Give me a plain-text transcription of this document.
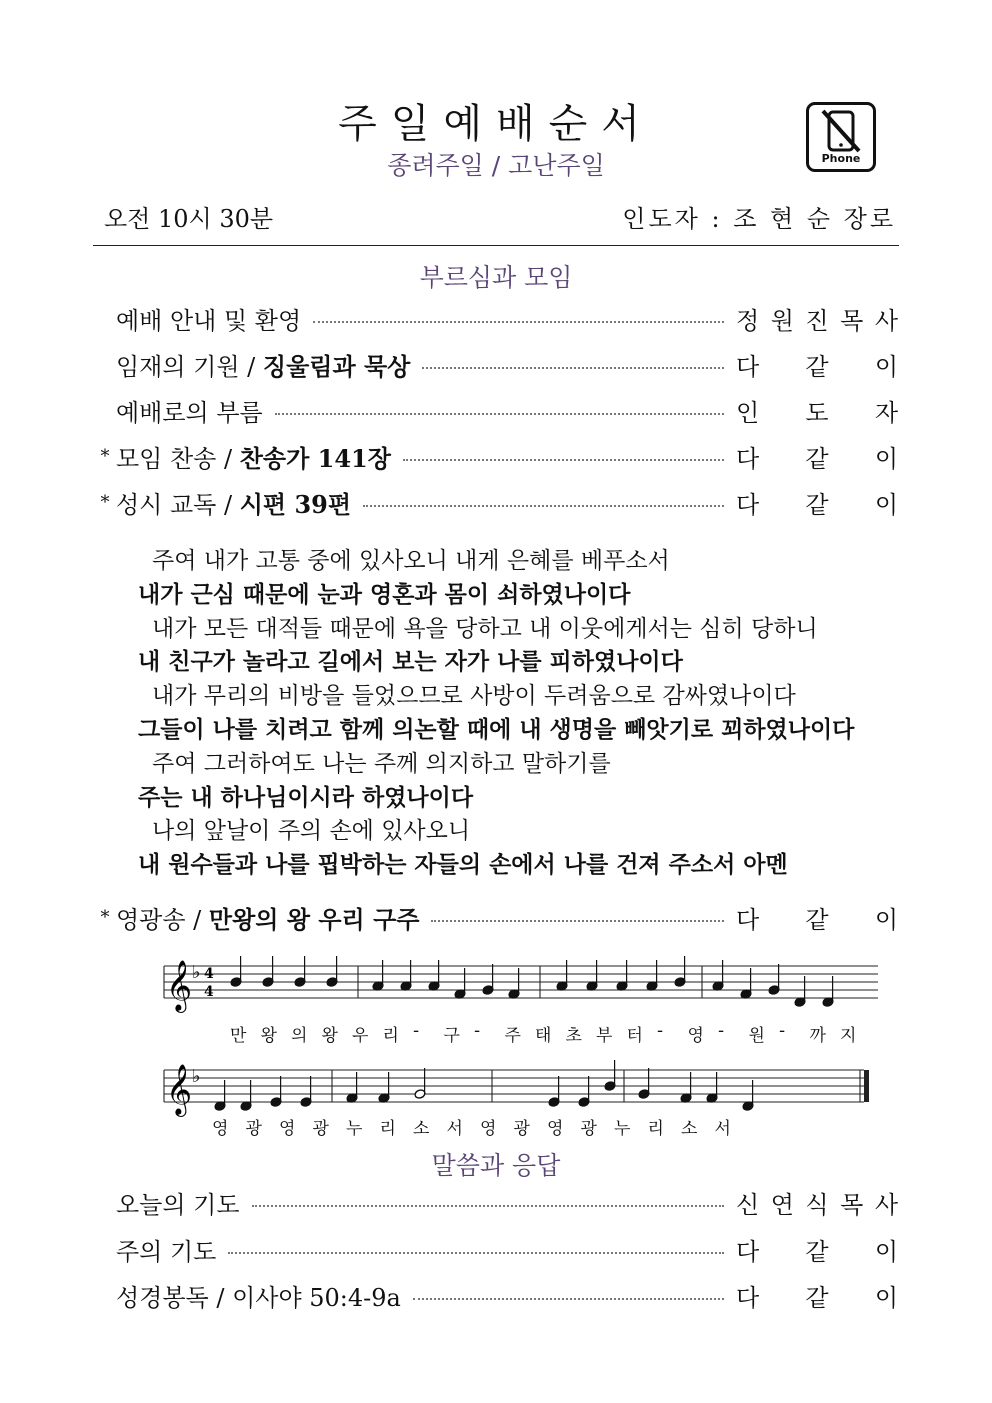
주일예배순서
종려주일 / 고난주일	Phone
오전 10시 30분	인도자 : 조 현 순 장로
부르심과 모임
예배 안내 및 환영	정 원 진 목 사
임재의 기원 / 징울림과 묵상	다 같 이
예배로의 부름	인 도 자
* 모임 찬송 / 찬송가 141장	다 같 이
* 성시 교독 / 시편 39편	다 같 이
주여 내가 고통 중에 있사오니 내게 은혜를 베푸소서
내가 근심 때문에 눈과 영혼과 몸이 쇠하였나이다
내가 모든 대적들 때문에 욕을 당하고 내 이웃에게서는 심히 당하니
내 친구가 놀라고 길에서 보는 자가 나를 피하였나이다
내가 무리의 비방을 들었으므로 사방이 두려움으로 감싸였나이다
그들이 나를 치려고 함께 의논할 때에 내 생명을 빼앗기로 꾀하였나이다
주여 그러하여도 나는 주께 의지하고 말하기를
주는 내 하나님이시라 하였나이다
나의 앞날이 주의 손에 있사오니
내 원수들과 나를 핍박하는 자들의 손에서 나를 건져 주소서 아멘
* 영광송 / 만왕의 왕 우리 구주	다 같 이
𝄞 ♭
𝄞 ♭
4
4
만 왕 의 왕 우 리 - 구 - 주 태 초 부 터 - 영 - 원 - 까 지
영 광 영 광 누 리 소 서 영 광 영 광 누 리 소 서
말씀과 응답
오늘의 기도	신 연 식 목 사
주의 기도	다 같 이
성경봉독 / 이사야 50:4-9a	다 같 이
